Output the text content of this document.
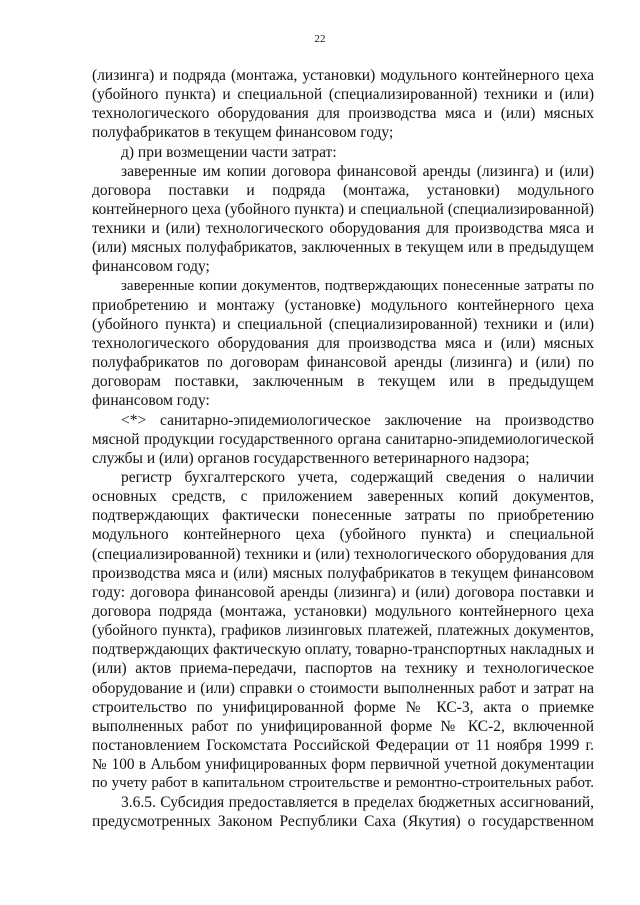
22
(лизинга) и подряда (монтажа, установки) модульного контейнерного цеха
(убойного пункта) и специальной (специализированной) техники и (или)
технологического оборудования для производства мяса и (или) мясных
полуфабрикатов в текущем финансовом году;
д) при возмещении части затрат:
заверенные им копии договора финансовой аренды (лизинга) и (или)
договора поставки и подряда (монтажа, установки) модульного
контейнерного цеха (убойного пункта) и специальной (специализированной)
техники и (или) технологического оборудования для производства мяса и
(или) мясных полуфабрикатов, заключенных в текущем или в предыдущем
финансовом году;
заверенные копии документов, подтверждающих понесенные затраты по
приобретению и монтажу (установке) модульного контейнерного цеха
(убойного пункта) и специальной (специализированной) техники и (или)
технологического оборудования для производства мяса и (или) мясных
полуфабрикатов по договорам финансовой аренды (лизинга) и (или) по
договорам поставки, заключенным в текущем или в предыдущем
финансовом году:
<*> санитарно-эпидемиологическое заключение на производство
мясной продукции государственного органа санитарно-эпидемиологической
службы и (или) органов государственного ветеринарного надзора;
регистр бухгалтерского учета, содержащий сведения о наличии
основных средств, с приложением заверенных копий документов,
подтверждающих фактически понесенные затраты по приобретению
модульного контейнерного цеха (убойного пункта) и специальной
(специализированной) техники и (или) технологического оборудования для
производства мяса и (или) мясных полуфабрикатов в текущем финансовом
году: договора финансовой аренды (лизинга) и (или) договора поставки и
договора подряда (монтажа, установки) модульного контейнерного цеха
(убойного пункта), графиков лизинговых платежей, платежных документов,
подтверждающих фактическую оплату, товарно-транспортных накладных и
(или) актов приема-передачи, паспортов на технику и технологическое
оборудование и (или) справки о стоимости выполненных работ и затрат на
строительство по унифицированной форме № КС-3, акта о приемке
выполненных работ по унифицированной форме № КС-2, включенной
постановлением Госкомстата Российской Федерации от 11 ноября 1999 г.
№ 100 в Альбом унифицированных форм первичной учетной документации
по учету работ в капитальном строительстве и ремонтно-строительных работ.
3.6.5. Субсидия предоставляется в пределах бюджетных ассигнований,
предусмотренных Законом Республики Саха (Якутия) о государственном
